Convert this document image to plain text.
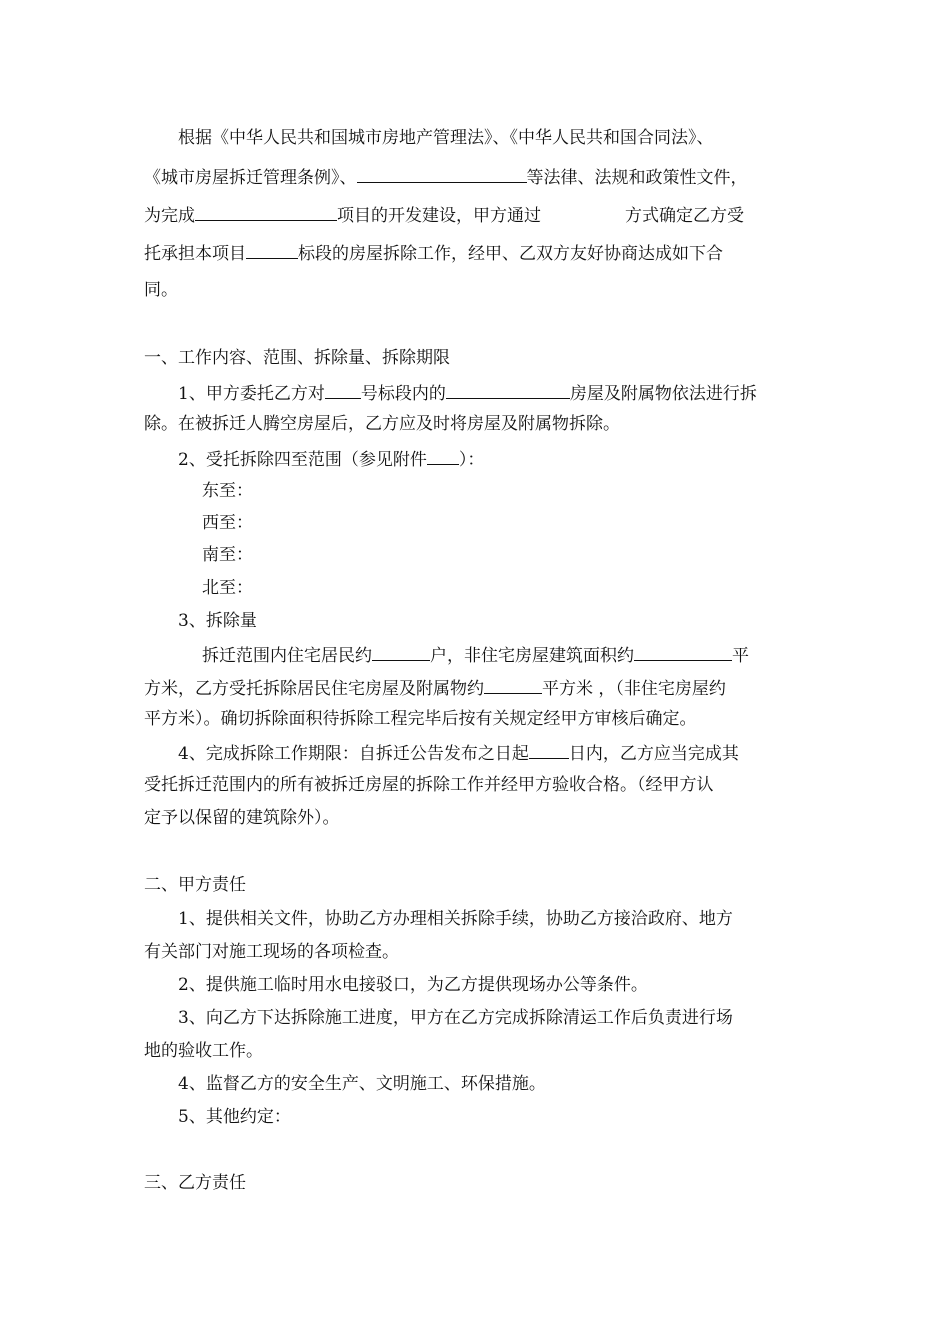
根据《中华人民共和国城市房地产管理法》、《中华人民共和国合同法》、
《城市房屋拆迁管理条例》、	等法律、法规和政策性文件，
为完成	项目的开发建设，甲方通过	方式确定乙方受
托承担本项目	标段的房屋拆除工作，经甲、乙双方友好协商达成如下合
同。
一、工作内容、范围、拆除量、拆除期限
1、甲方委托乙方对 号标段内的	房屋及附属物依法进行拆
除。在被拆迁人腾空房屋后，乙方应及时将房屋及附属物拆除。
2、受托拆除四至范围（参见附件 ）：
东至：
西至：
南至：
北至：
3、拆除量
拆迁范围内住宅居民约	户，非住宅房屋建筑面积约	平
方米，乙方受托拆除居民住宅房屋及附属物约	平方米 ，（非住宅房屋约
平方米）。确切拆除面积待拆除工程完毕后按有关规定经甲方审核后确定。
4、完成拆除工作期限：自拆迁公告发布之日起 日内，乙方应当完成其
受托拆迁范围内的所有被拆迁房屋的拆除工作并经甲方验收合格。（经甲方认
定予以保留的建筑除外）。
二、甲方责任
1、提供相关文件，协助乙方办理相关拆除手续，协助乙方接洽政府、地方
有关部门对施工现场的各项检查。
2、提供施工临时用水电接驳口，为乙方提供现场办公等条件。
3、向乙方下达拆除施工进度，甲方在乙方完成拆除清运工作后负责进行场
地的验收工作。
4、监督乙方的安全生产、文明施工、环保措施。
5、其他约定：
三、乙方责任
